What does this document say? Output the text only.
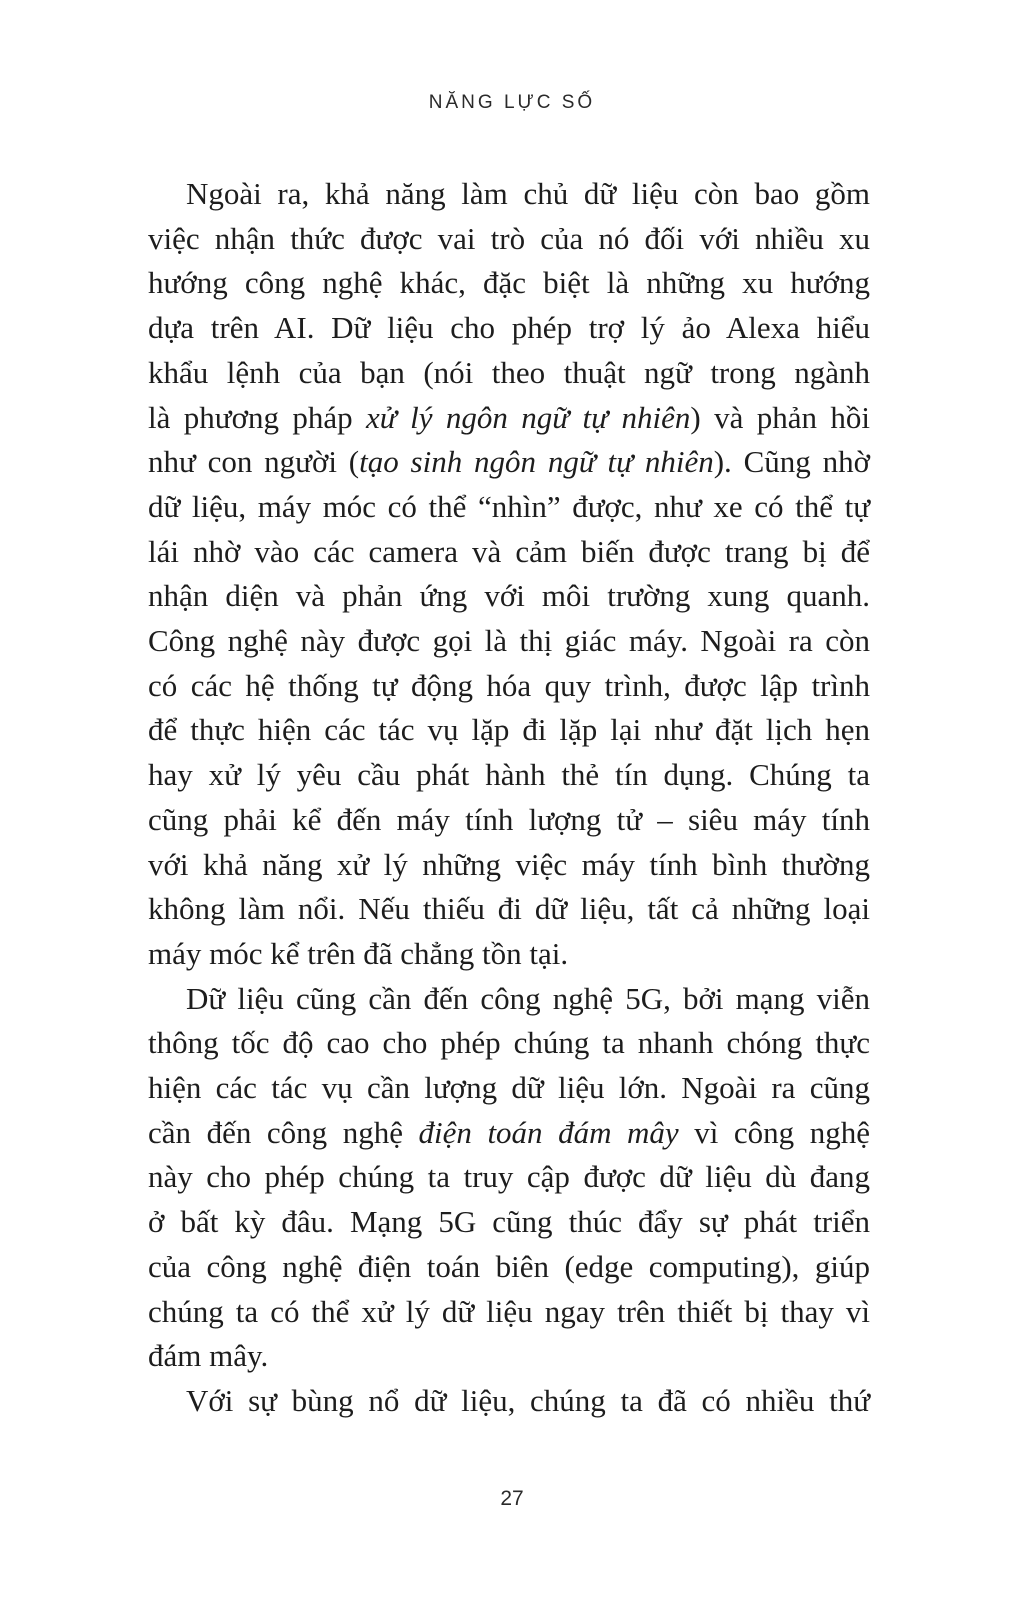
NĂNG LỰC SỐ
Ngoài ra, khả năng làm chủ dữ liệu còn bao gồm
việc nhận thức được vai trò của nó đối với nhiều xu
hướng công nghệ khác, đặc biệt là những xu hướng
dựa trên AI. Dữ liệu cho phép trợ lý ảo Alexa hiểu
khẩu lệnh của bạn (nói theo thuật ngữ trong ngành
là phương pháp xử lý ngôn ngữ tự nhiên) và phản hồi
như con người (tạo sinh ngôn ngữ tự nhiên). Cũng nhờ
dữ liệu, máy móc có thể “nhìn” được, như xe có thể tự
lái nhờ vào các camera và cảm biến được trang bị để
nhận diện và phản ứng với môi trường xung quanh.
Công nghệ này được gọi là thị giác máy. Ngoài ra còn
có các hệ thống tự động hóa quy trình, được lập trình
để thực hiện các tác vụ lặp đi lặp lại như đặt lịch hẹn
hay xử lý yêu cầu phát hành thẻ tín dụng. Chúng ta
cũng phải kể đến máy tính lượng tử – siêu máy tính
với khả năng xử lý những việc máy tính bình thường
không làm nổi. Nếu thiếu đi dữ liệu, tất cả những loại
máy móc kể trên đã chẳng tồn tại.
Dữ liệu cũng cần đến công nghệ 5G, bởi mạng viễn
thông tốc độ cao cho phép chúng ta nhanh chóng thực
hiện các tác vụ cần lượng dữ liệu lớn. Ngoài ra cũng
cần đến công nghệ điện toán đám mây vì công nghệ
này cho phép chúng ta truy cập được dữ liệu dù đang
ở bất kỳ đâu. Mạng 5G cũng thúc đẩy sự phát triển
của công nghệ điện toán biên (edge computing), giúp
chúng ta có thể xử lý dữ liệu ngay trên thiết bị thay vì
đám mây.
Với sự bùng nổ dữ liệu, chúng ta đã có nhiều thứ
27
